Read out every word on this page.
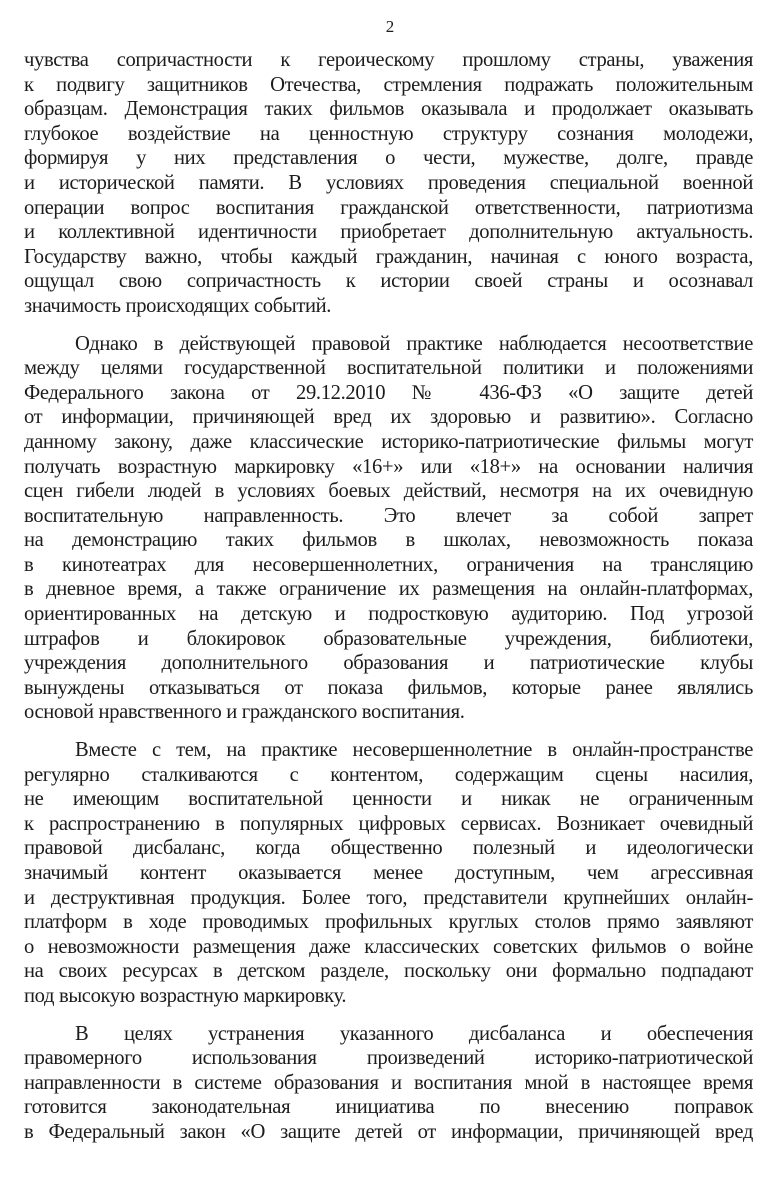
2
чувства сопричастности к героическому прошлому страны, уважения
к подвигу защитников Отечества, стремления подражать положительным
образцам. Демонстрация таких фильмов оказывала и продолжает оказывать
глубокое воздействие на ценностную структуру сознания молодежи,
формируя у них представления о чести, мужестве, долге, правде
и исторической памяти. В условиях проведения специальной военной
операции вопрос воспитания гражданской ответственности, патриотизма
и коллективной идентичности приобретает дополнительную актуальность.
Государству важно, чтобы каждый гражданин, начиная с юного возраста,
ощущал свою сопричастность к истории своей страны и осознавал
значимость происходящих событий.
Однако в действующей правовой практике наблюдается несоответствие
между целями государственной воспитательной политики и положениями
Федерального закона от 29.12.2010 № 436-ФЗ «О защите детей
от информации, причиняющей вред их здоровью и развитию». Согласно
данному закону, даже классические историко-патриотические фильмы могут
получать возрастную маркировку «16+» или «18+» на основании наличия
сцен гибели людей в условиях боевых действий, несмотря на их очевидную
воспитательную направленность. Это влечет за собой запрет
на демонстрацию таких фильмов в школах, невозможность показа
в кинотеатрах для несовершеннолетних, ограничения на трансляцию
в дневное время, а также ограничение их размещения на онлайн-платформах,
ориентированных на детскую и подростковую аудиторию. Под угрозой
штрафов и блокировок образовательные учреждения, библиотеки,
учреждения дополнительного образования и патриотические клубы
вынуждены отказываться от показа фильмов, которые ранее являлись
основой нравственного и гражданского воспитания.
Вместе с тем, на практике несовершеннолетние в онлайн-пространстве
регулярно сталкиваются с контентом, содержащим сцены насилия,
не имеющим воспитательной ценности и никак не ограниченным
к распространению в популярных цифровых сервисах. Возникает очевидный
правовой дисбаланс, когда общественно полезный и идеологически
значимый контент оказывается менее доступным, чем агрессивная
и деструктивная продукция. Более того, представители крупнейших онлайн-
платформ в ходе проводимых профильных круглых столов прямо заявляют
о невозможности размещения даже классических советских фильмов о войне
на своих ресурсах в детском разделе, поскольку они формально подпадают
под высокую возрастную маркировку.
В целях устранения указанного дисбаланса и обеспечения
правомерного использования произведений историко-патриотической
направленности в системе образования и воспитания мной в настоящее время
готовится законодательная инициатива по внесению поправок
в Федеральный закон «О защите детей от информации, причиняющей вред
